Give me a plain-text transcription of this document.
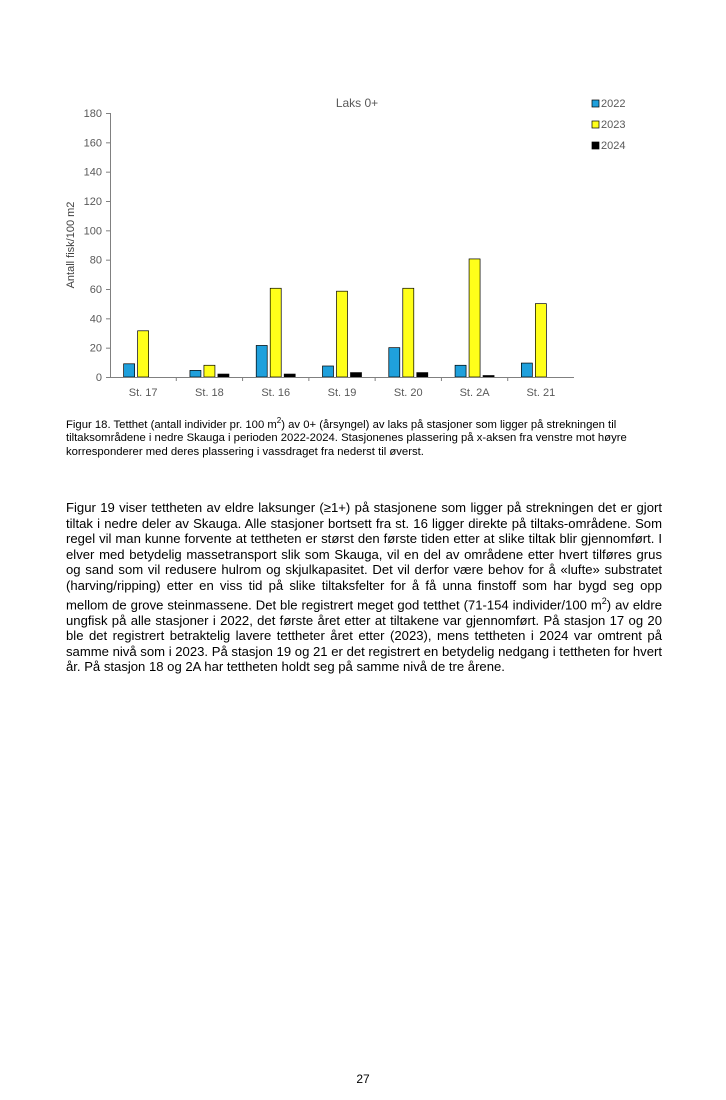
Laks 0+
Antall fisk/100 m2
0
20
40
60
80
100
120
140
160
180
St. 17	St. 18	St. 16	St. 19	St. 20	St. 2A	St. 21
2022
2023
2024
Figur 18. Tetthet (antall individer pr. 100 $m^2$) av 0+ (årsyngel) av laks på stasjoner som ligger på strekningen til tiltaksområdene i nedre Skauga i perioden 2022-2024. Stasjonenes plassering på x-aksen fra venstre mot høyre korresponderer med deres plassering i vassdraget fra nederst til øverst.
Figur 19 viser tettheten av eldre laksunger (≥1+) på stasjonene som ligger på strekningen det er gjort tiltak i nedre deler av Skauga. Alle stasjoner bortsett fra st. 16 ligger direkte på tiltaks-områdene. Som regel vil man kunne forvente at tettheten er størst den første tiden etter at slike tiltak blir gjennomført. I elver med betydelig massetransport slik som Skauga, vil en del av områdene etter hvert tilføres grus og sand som vil redusere hulrom og skjulkapasitet. Det vil derfor være behov for å «lufte» substratet (harving/ripping) etter en viss tid på slike tiltaksfelter for å få unna finstoff som har bygd seg opp mellom de grove steinmassene. Det ble registrert meget god tetthet (71-154 individer/100 $m^2$) av eldre ungfisk på alle stasjoner i 2022, det første året etter at tiltakene var gjennomført. På stasjon 17 og 20 ble det registrert betraktelig lavere tettheter året etter (2023), mens tettheten i 2024 var omtrent på samme nivå som i 2023. På stasjon 19 og 21 er det registrert en betydelig nedgang i tettheten for hvert år. På stasjon 18 og 2A har tettheten holdt seg på samme nivå de tre årene.
27
